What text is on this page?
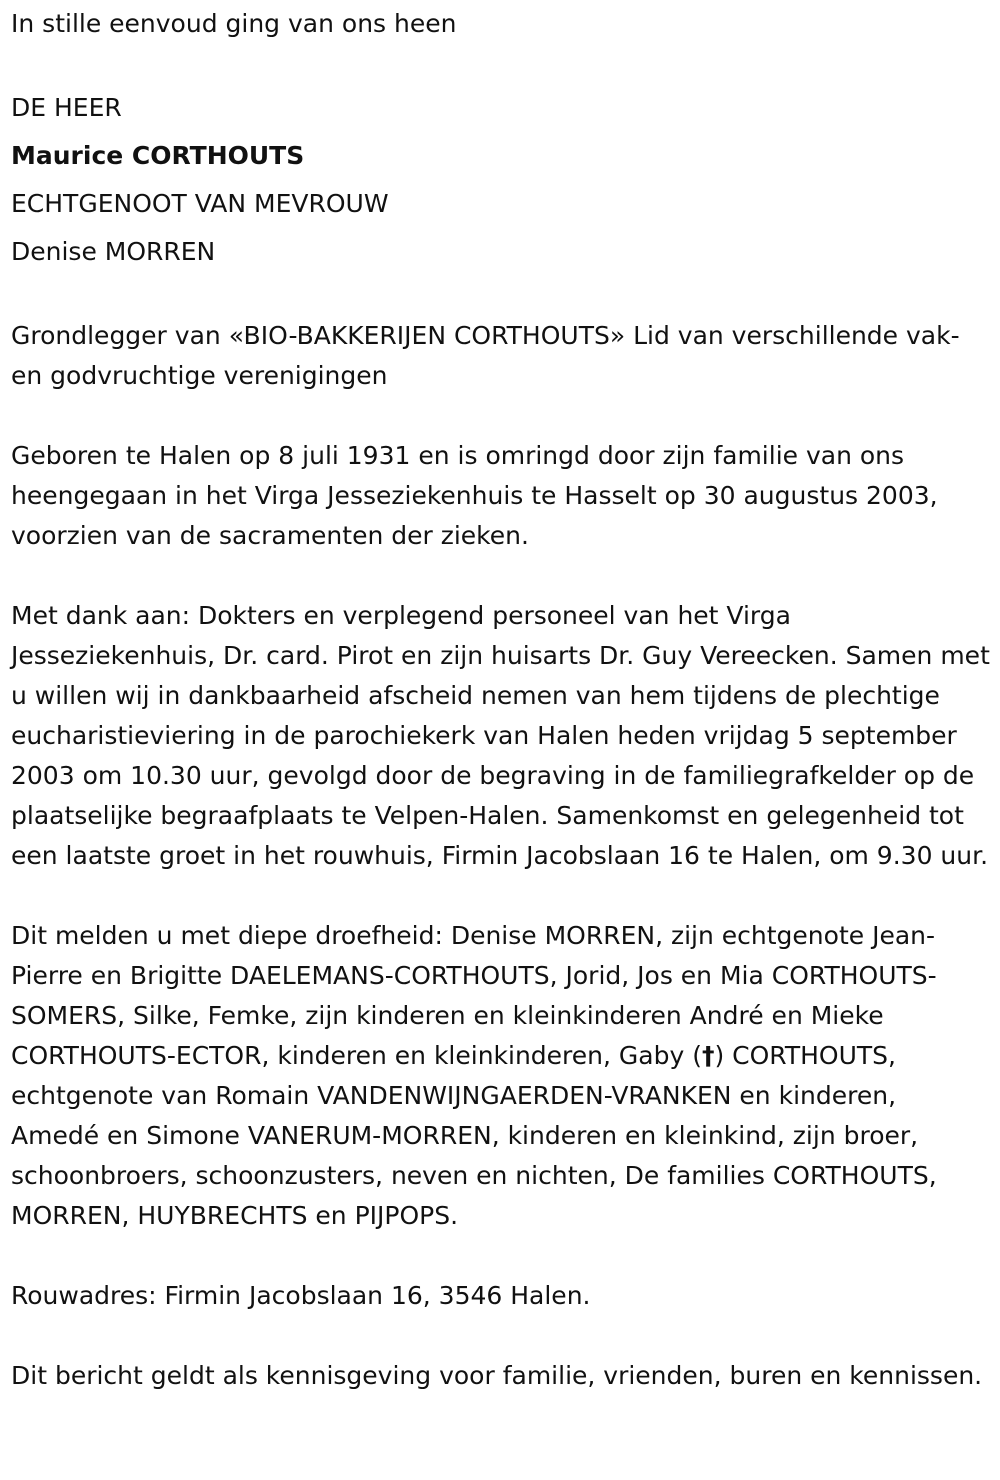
In stille eenvoud ging van ons heen

DE HEER

Maurice CORTHOUTS

ECHTGENOOT VAN MEVROUW

Denise MORREN

Grondlegger van «BIO-BAKKERIJEN CORTHOUTS» Lid van verschillende vak- en godvruchtige verenigingen

Geboren te Halen op 8 juli 1931 en is omringd door zijn familie van ons heengegaan in het Virga Jesseziekenhuis te Hasselt op 30 augustus 2003, voorzien van de sacramenten der zieken.

Met dank aan: Dokters en verplegend personeel van het Virga Jesseziekenhuis, Dr. card. Pirot en zijn huisarts Dr. Guy Vereecken. Samen met u willen wij in dankbaarheid afscheid nemen van hem tijdens de plechtige eucharistieviering in de parochiekerk van Halen heden vrijdag 5 september 2003 om 10.30 uur, gevolgd door de begraving in de familiegrafkelder op de plaatselijke begraafplaats te Velpen-Halen. Samenkomst en gelegenheid tot een laatste groet in het rouwhuis, Firmin Jacobslaan 16 te Halen, om 9.30 uur.

Dit melden u met diepe droefheid: Denise MORREN, zijn echtgenote Jean-Pierre en Brigitte DAELEMANS-CORTHOUTS, Jorid, Jos en Mia CORTHOUTS-SOMERS, Silke, Femke, zijn kinderen en kleinkinderen André en Mieke CORTHOUTS-ECTOR, kinderen en kleinkinderen, Gaby (†) CORTHOUTS, echtgenote van Romain VANDENWIJNGAERDEN-VRANKEN en kinderen, Amedé en Simone VANERUM-MORREN, kinderen en kleinkind, zijn broer, schoonbroers, schoonzusters, neven en nichten, De families CORTHOUTS, MORREN, HUYBRECHTS en PIJPOPS.

Rouwadres: Firmin Jacobslaan 16, 3546 Halen.

Dit bericht geldt als kennisgeving voor familie, vrienden, buren en kennissen.
